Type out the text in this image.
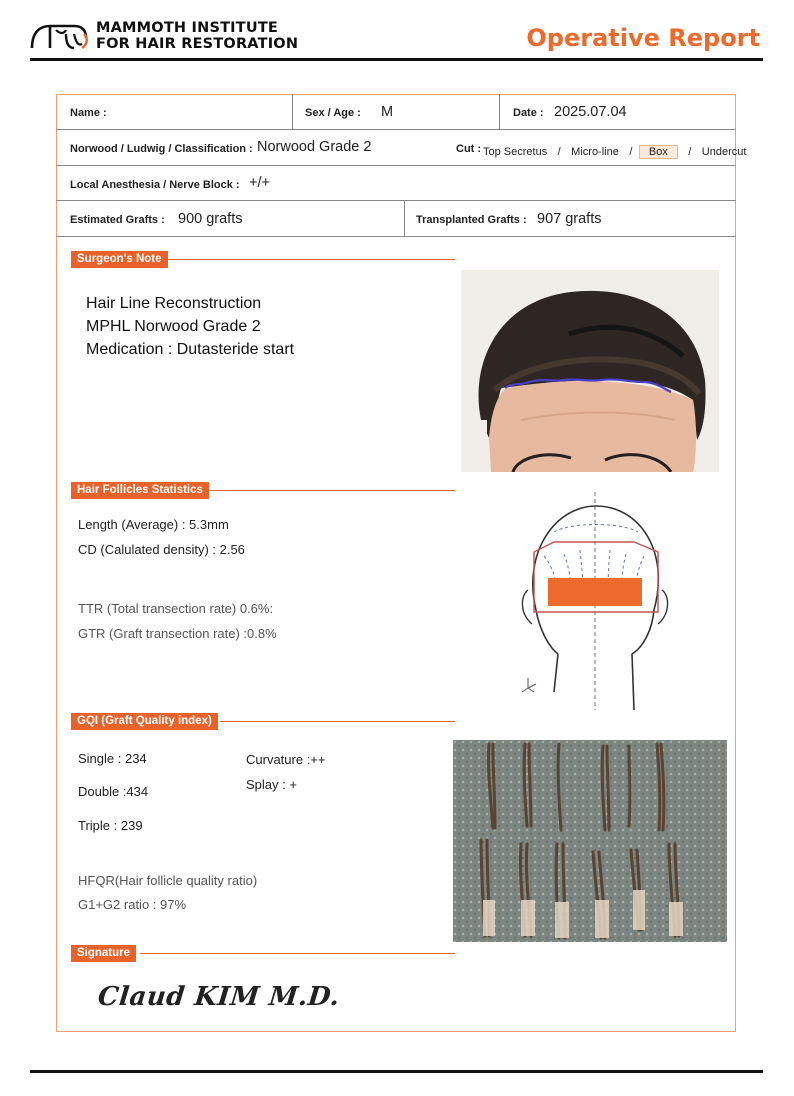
MAMMOTH INSTITUTE
FOR HAIR RESTORATION	Operative Report
Name :	Sex / Age : M	Date : 2025.07.04
Norwood / Ludwig / Classification : Norwood Grade 2	Cut : Top Secretus / Micro-line / Box / Undercut
Local Anesthesia / Nerve Block : +/+
Estimated Grafts : 900 grafts	Transplanted Grafts : 907 grafts
Surgeon's Note
Hair Line Reconstruction
MPHL Norwood Grade 2
Medication : Dutasteride start
Hair Follicles Statistics
Length (Average) : 5.3mm
CD (Calulated density) : 2.56
TTR (Total transection rate) 0.6%:
GTR (Graft transection rate) :0.8%
GQI (Graft Quality index)
Single : 234
Double :434
Triple : 239
Curvature :++
Splay : +
HFQR(Hair follicle quality ratio)
G1+G2 ratio : 97%
Signature
Claud KIM M.D.
